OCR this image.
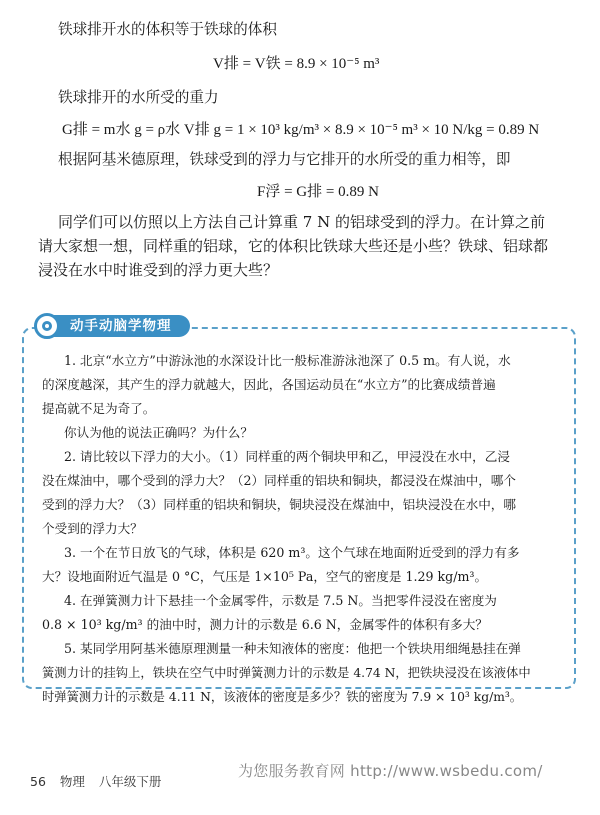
铁球排开水的体积等于铁球的体积
V排 = V铁 = 8.9 × 10⁻⁵ m³
铁球排开的水所受的重力
G排 = m水 g = ρ水 V排 g = 1 × 10³ kg/m³ × 8.9 × 10⁻⁵ m³ × 10 N/kg = 0.89 N
根据阿基米德原理，铁球受到的浮力与它排开的水所受的重力相等，即
F浮 = G排 = 0.89 N
同学们可以仿照以上方法自己计算重 7 N 的铝球受到的浮力。在计算之前
请大家想一想，同样重的铝球，它的体积比铁球大些还是小些？铁球、铝球都
浸没在水中时谁受到的浮力更大些？
动手动脑学物理
1. 北京“水立方”中游泳池的水深设计比一般标准游泳池深了 0.5 m。有人说，水
的深度越深，其产生的浮力就越大，因此，各国运动员在“水立方”的比赛成绩普遍
提高就不足为奇了。
你认为他的说法正确吗？为什么？
2. 请比较以下浮力的大小。（1）同样重的两个铜块甲和乙，甲浸没在水中，乙浸
没在煤油中，哪个受到的浮力大？（2）同样重的铝块和铜块，都浸没在煤油中，哪个
受到的浮力大？（3）同样重的铝块和铜块，铜块浸没在煤油中，铝块浸没在水中，哪
个受到的浮力大？
3. 一个在节日放飞的气球，体积是 620 m³。这个气球在地面附近受到的浮力有多
大？设地面附近气温是 0 °C，气压是 1×10⁵ Pa，空气的密度是 1.29 kg/m³。
4. 在弹簧测力计下悬挂一个金属零件，示数是 7.5 N。当把零件浸没在密度为
0.8 × 10³ kg/m³ 的油中时，测力计的示数是 6.6 N，金属零件的体积有多大？
5. 某同学用阿基米德原理测量一种未知液体的密度：他把一个铁块用细绳悬挂在弹
簧测力计的挂钩上，铁块在空气中时弹簧测力计的示数是 4.74 N，把铁块浸没在该液体中
时弹簧测力计的示数是 4.11 N，该液体的密度是多少？铁的密度为 7.9 × 10³ kg/m³。
为您服务教育网 http://www.wsbedu.com/
56 物理 八年级下册
